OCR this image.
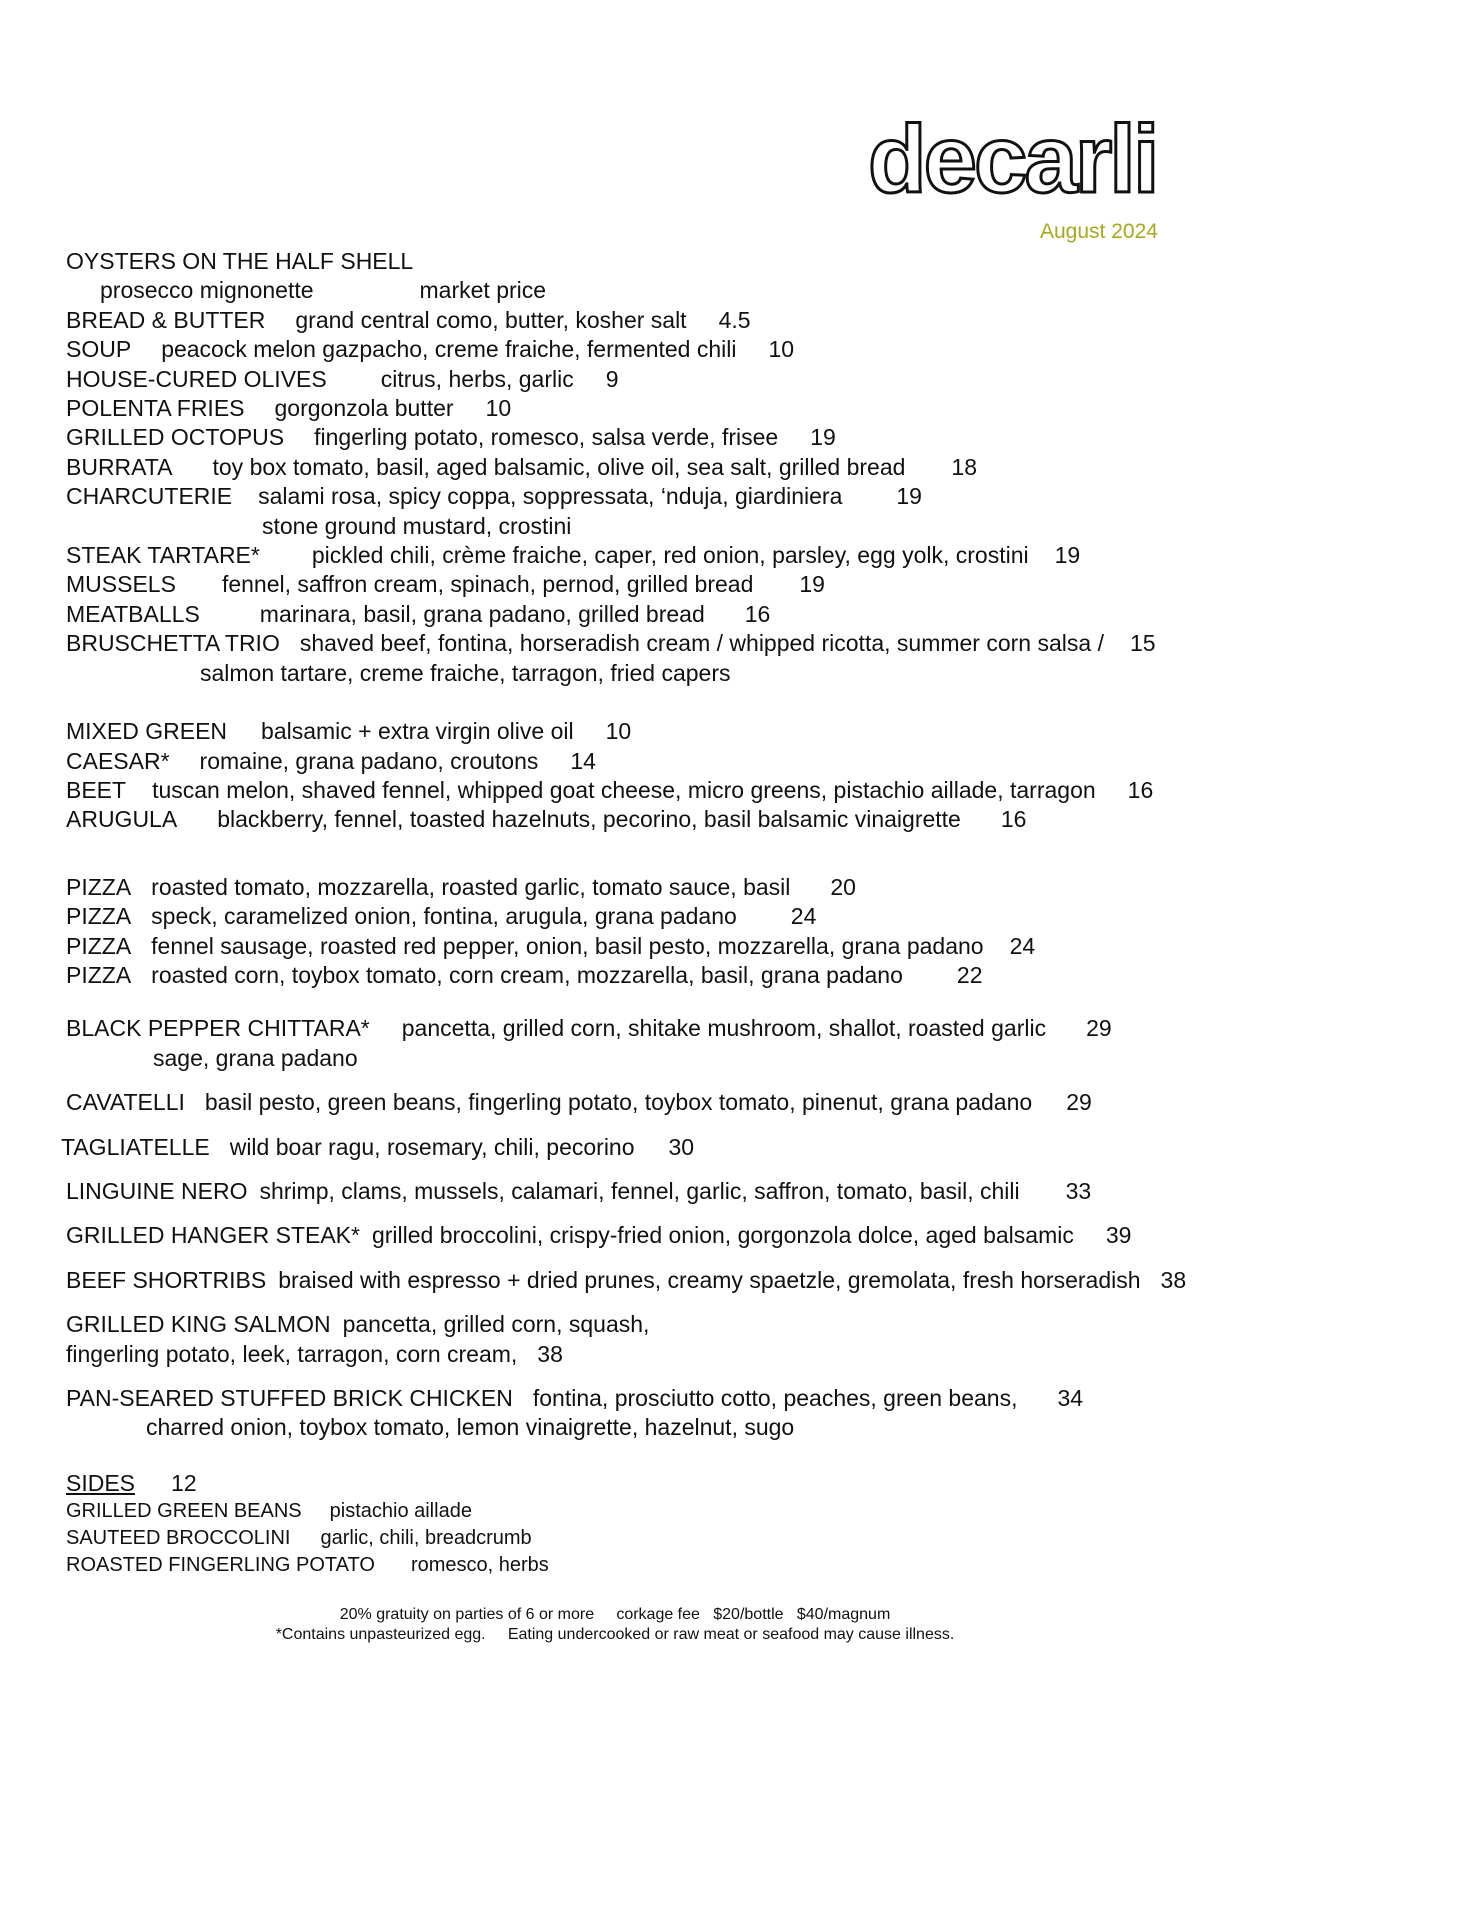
decarli
August 2024
OYSTERS ON THE HALF SHELL
prosecco mignonette	market price
BREAD & BUTTER grand central como, butter, kosher salt 4.5
SOUP peacock melon gazpacho, creme fraiche, fermented chili 10
HOUSE-CURED OLIVES citrus, herbs, garlic 9
POLENTA FRIES gorgonzola butter 10
GRILLED OCTOPUS fingerling potato, romesco, salsa verde, frisee 19
BURRATA toy box tomato, basil, aged balsamic, olive oil, sea salt, grilled bread 18
CHARCUTERIE salami rosa, spicy coppa, soppressata, ‘nduja, giardiniera 19
stone ground mustard, crostini
STEAK TARTARE* pickled chili, crème fraiche, caper, red onion, parsley, egg yolk, crostini 19
MUSSELS fennel, saffron cream, spinach, pernod, grilled bread 19
MEATBALLS	marinara, basil, grana padano, grilled bread 16
BRUSCHETTA TRIO shaved beef, fontina, horseradish cream / whipped ricotta, summer corn salsa / 15
salmon tartare, creme fraiche, tarragon, fried capers
MIXED GREEN balsamic + extra virgin olive oil 10
CAESAR* romaine, grana padano, croutons 14
BEET tuscan melon, shaved fennel, whipped goat cheese, micro greens, pistachio aillade, tarragon 16
ARUGULA blackberry, fennel, toasted hazelnuts, pecorino, basil balsamic vinaigrette 16
PIZZA roasted tomato, mozzarella, roasted garlic, tomato sauce, basil 20
PIZZA speck, caramelized onion, fontina, arugula, grana padano 24
PIZZA fennel sausage, roasted red pepper, onion, basil pesto, mozzarella, grana padano 24
PIZZA roasted corn, toybox tomato, corn cream, mozzarella, basil, grana padano 22
BLACK PEPPER CHITTARA* pancetta, grilled corn, shitake mushroom, shallot, roasted garlic 29
sage, grana padano
CAVATELLI basil pesto, green beans, fingerling potato, toybox tomato, pinenut, grana padano 29
TAGLIATELLE wild boar ragu, rosemary, chili, pecorino 30
LINGUINE NERO shrimp, clams, mussels, calamari, fennel, garlic, saffron, tomato, basil, chili 33
GRILLED HANGER STEAK* grilled broccolini, crispy-fried onion, gorgonzola dolce, aged balsamic 39
BEEF SHORTRIBS braised with espresso + dried prunes, creamy spaetzle, gremolata, fresh horseradish 38
GRILLED KING SALMON pancetta, grilled corn, squash,
fingerling potato, leek, tarragon, corn cream, 38
PAN-SEARED STUFFED BRICK CHICKEN fontina, prosciutto cotto, peaches, green beans, 34
charred onion, toybox tomato, lemon vinaigrette, hazelnut, sugo
SIDES 12
GRILLED GREEN BEANS pistachio aillade
SAUTEED BROCCOLINI garlic, chili, breadcrumb
ROASTED FINGERLING POTATO romesco, herbs
20% gratuity on parties of 6 or more     corkage fee   $20/bottle   $40/magnum
*Contains unpasteurized egg.     Eating undercooked or raw meat or seafood may cause illness.
